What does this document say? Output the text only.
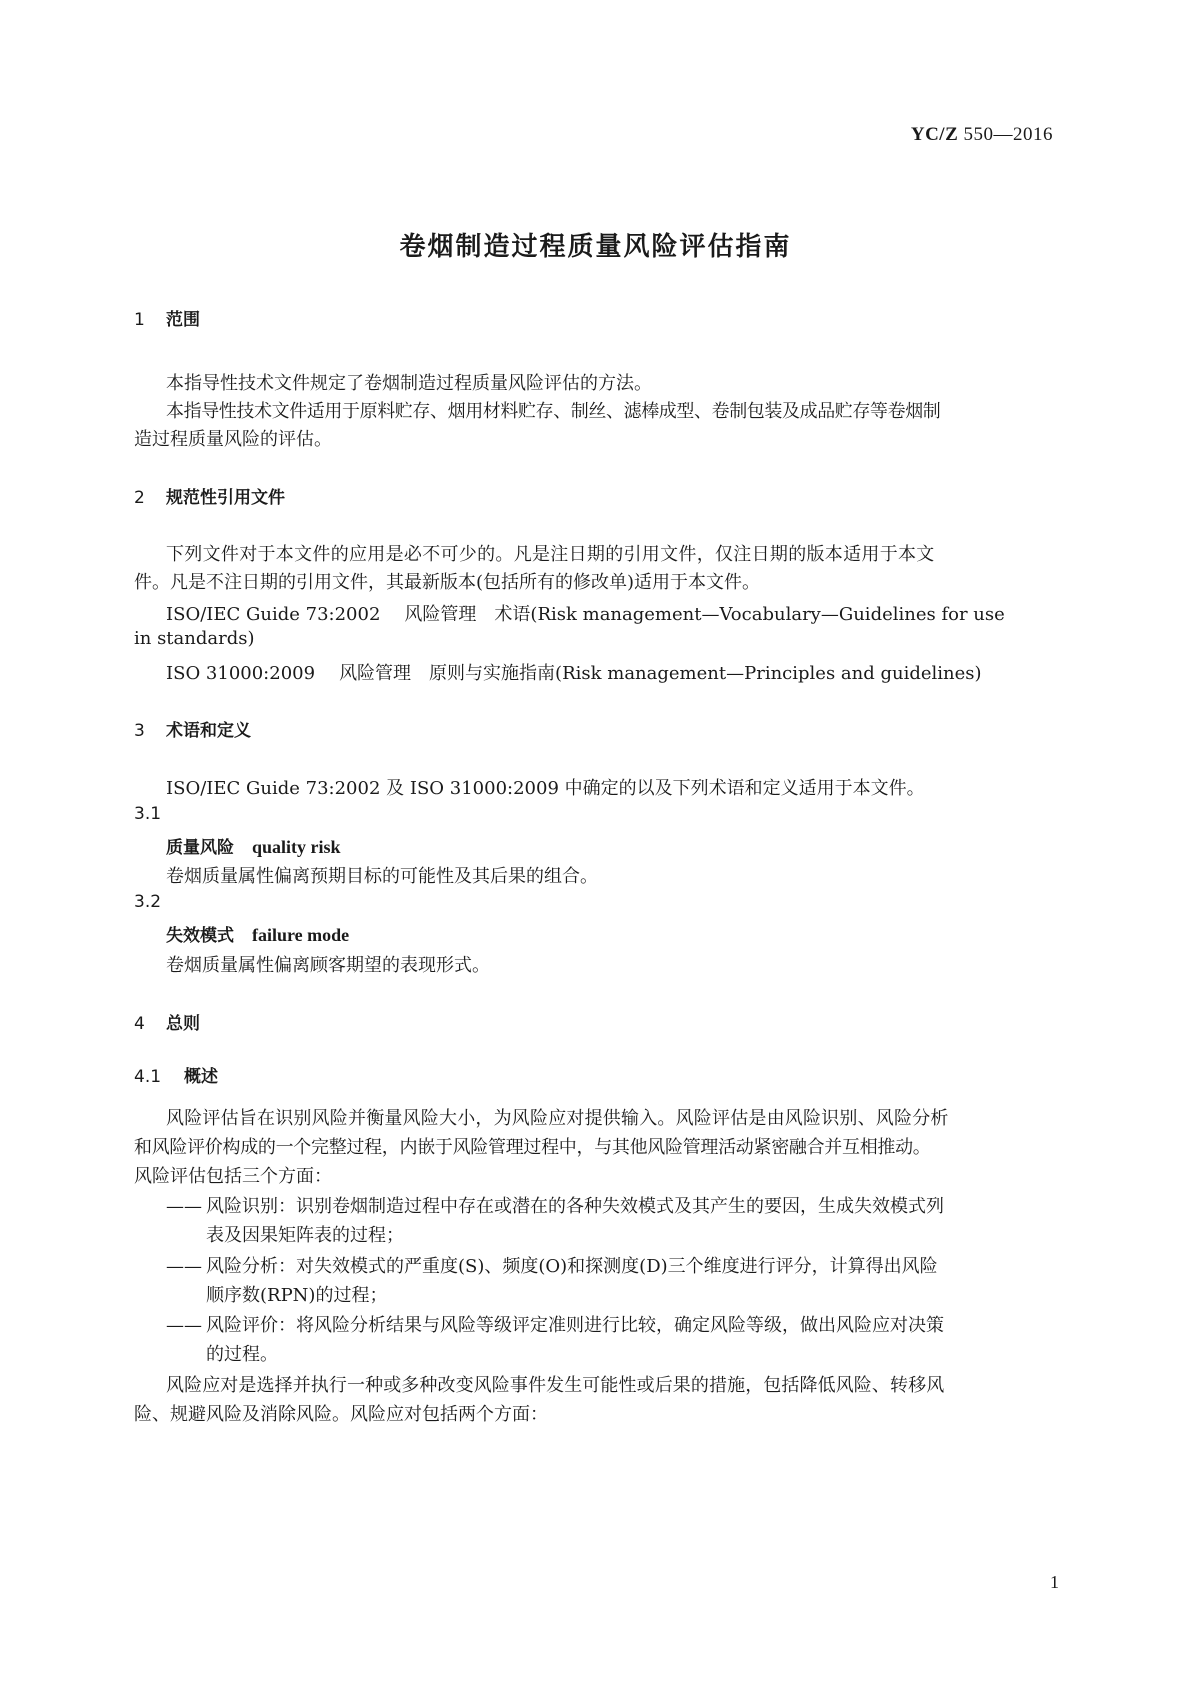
YC/Z 550—2016
卷烟制造过程质量风险评估指南
1 范围
本指导性技术文件规定了卷烟制造过程质量风险评估的方法。
本指导性技术文件适用于原料贮存、烟用材料贮存、制丝、滤棒成型、卷制包装及成品贮存等卷烟制
造过程质量风险的评估。
2 规范性引用文件
下列文件对于本文件的应用是必不可少的。凡是注日期的引用文件，仅注日期的版本适用于本文
件。凡是不注日期的引用文件，其最新版本(包括所有的修改单)适用于本文件。
ISO/IEC Guide 73:2002 风险管理　术语(Risk management—Vocabulary—Guidelines for use
in standards)
ISO 31000:2009 风险管理　原则与实施指南(Risk management—Principles and guidelines)
3 术语和定义
ISO/IEC Guide 73:2002 及 ISO 31000:2009 中确定的以及下列术语和定义适用于本文件。
3.1
质量风险 quality risk
卷烟质量属性偏离预期目标的可能性及其后果的组合。
3.2
失效模式 failure mode
卷烟质量属性偏离顾客期望的表现形式。
4 总则
4.1 概述
风险评估旨在识别风险并衡量风险大小，为风险应对提供输入。风险评估是由风险识别、风险分析
和风险评价构成的一个完整过程，内嵌于风险管理过程中，与其他风险管理活动紧密融合并互相推动。
风险评估包括三个方面：
—— 风险识别：识别卷烟制造过程中存在或潜在的各种失效模式及其产生的要因，生成失效模式列
表及因果矩阵表的过程；
—— 风险分析：对失效模式的严重度(S)、频度(O)和探测度(D)三个维度进行评分，计算得出风险
顺序数(RPN)的过程；
—— 风险评价：将风险分析结果与风险等级评定准则进行比较，确定风险等级，做出风险应对决策
的过程。
风险应对是选择并执行一种或多种改变风险事件发生可能性或后果的措施，包括降低风险、转移风
险、规避风险及消除风险。风险应对包括两个方面：
1
